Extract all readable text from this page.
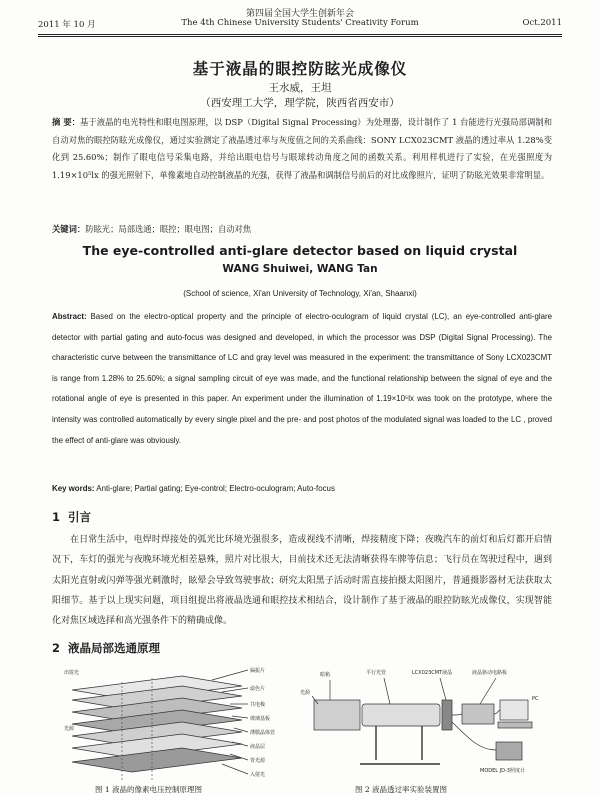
第四届全国大学生创新年会
2011 年 10 月	The 4th Chinese University Students' Creativity Forum	Oct.2011
基于液晶的眼控防眩光成像仪
王水威，王坦
（西安理工大学，理学院，陕西省西安市）
摘 要：基于液晶的电光特性和眼电图原理，以 DSP（Digital Signal Processing）为处理器，设计制作了 1 台能进行光强局部调制和自动对焦的眼控防眩光成像仪，通过实验测定了液晶透过率与灰度值之间的关系曲线：SONY LCX023CMT 液晶的透过率从 1.28%变化到 25.60%；制作了眼电信号采集电路，并给出眼电信号与眼球转动角度之间的函数关系。利用样机进行了实验，在光强照度为 1.19×10⁵lx 的强光照射下，单像素地自动控制液晶的光强，获得了液晶和调制信号前后的对比成像照片，证明了防眩光效果非常明显。
关键词：防眩光；局部选通；眼控；眼电图；自动对焦
The eye-controlled anti-glare detector based on liquid crystal
WANG Shuiwei, WANG Tan
(School of science, Xi'an University of Technology, Xi'an, Shaanxi)
Abstract: Based on the electro-optical property and the principle of electro-oculogram of liquid crystal (LC), an eye-controlled anti-glare detector with partial gating and auto-focus was designed and developed, in which the processor was DSP (Digital Signal Processing). The characteristic curve between the transmittance of LC and gray level was measured in the experiment: the transmittance of Sony LCX023CMT is range from 1.28% to 25.60%; a signal sampling circuit of eye was made, and the functional relationship between the signal of eye and the rotational angle of eye is presented in this paper. An experiment under the illumination of 1.19×10⁵lx was took on the prototype, where the intensity was controlled automatically by every single pixel and the pre- and post photos of the modulated signal was loaded to the LC , proved the effect of anti-glare was obviously.
Key words: Anti-glare; Partial gating; Eye-control; Electro-oculogram; Auto-focus
1 引言
在日常生活中，电焊时焊接处的弧光比环境光强很多，造成视线不清晰，焊接精度下降；夜晚汽车的前灯和后灯都开启情况下，车灯的强光与夜晚环境光相差悬殊，照片对比很大，目前技术还无法清晰获得车牌等信息；飞行员在驾驶过程中，遇到太阳光直射或闪弹等强光刺激时，眩晕会导致驾驶事故；研究太阳黑子活动时需直接拍摄太阳图片，普通摄影器材无法获取太阳细节。基于以上现实问题，项目组提出将液晶选通和眼控技术相结合，设计制作了基于液晶的眼控防眩光成像仪，实现智能化对焦区域选择和高光强条件下的精确成像。
2 液晶局部选通原理
偏振片
滤色片
共电极
玻璃基板
薄膜晶体管
液晶层
背光源
入射光
光源
出射光
图 1 液晶的像素电压控制原理图
暗箱	平行光管	LCX023CMT液晶	液晶驱动电路板
光源
PC
MODEL JD-3照度计
图 2 液晶透过率实验装置图
